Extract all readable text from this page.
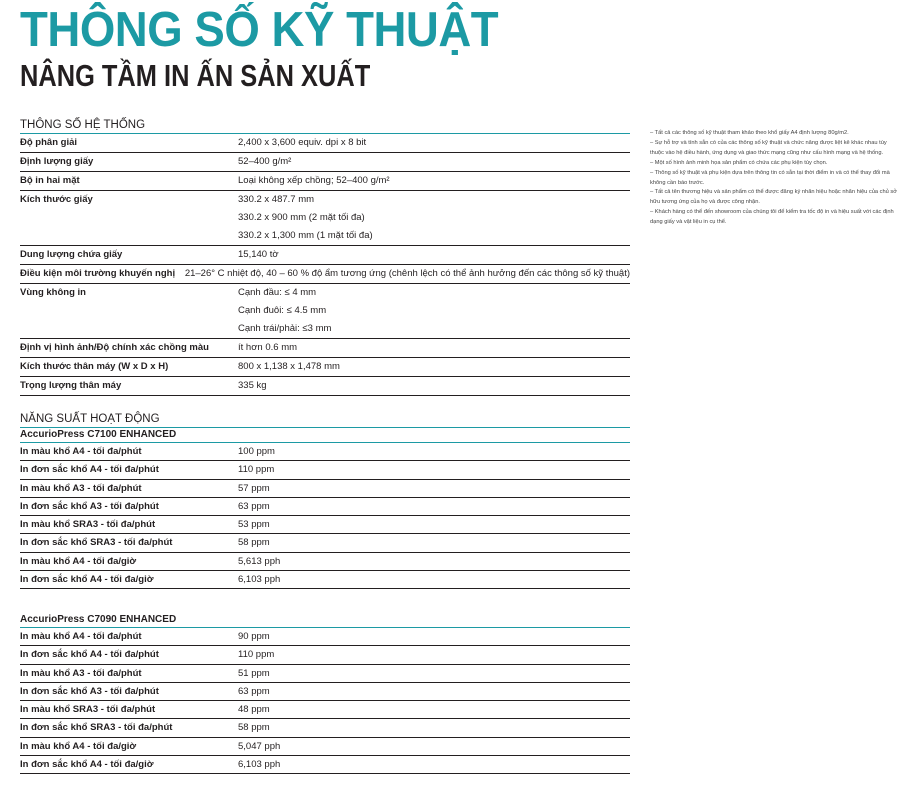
THÔNG SỐ KỸ THUẬT
NÂNG TẦM IN ẤN SẢN XUẤT
THÔNG SỐ HỆ THỐNG
Độ phân giải	2,400 x 3,600 equiv. dpi x 8 bit
Định lượng giấy	52–400 g/m²
Bộ in hai mặt	Loại không xếp chồng; 52–400 g/m²
Kích thước giấy	330.2 x 487.7 mm
330.2 x 900 mm (2 mặt tối đa)
330.2 x 1,300 mm (1 mặt tối đa)
Dung lượng chứa giấy	15,140 tờ
Điều kiện môi trường khuyến nghị	21–26° C nhiệt độ, 40 – 60 % độ ẩm tương ứng (chênh lệch có thể ảnh hưởng đến các thông số kỹ thuật)
Vùng không in	Cạnh đầu: ≤ 4 mm
Cạnh đuôi: ≤ 4.5 mm
Cạnh trái/phải: ≤3 mm
Định vị hình ảnh/Độ chính xác chồng màu	ít hơn 0.6 mm
Kích thước thân máy (W x D x H)	800 x 1,138 x 1,478 mm
Trọng lượng thân máy	335 kg
NĂNG SUẤT HOẠT ĐỘNG
AccurioPress C7100 ENHANCED
In màu khổ A4 - tối đa/phút	100 ppm
In đơn sắc khổ A4 - tối đa/phút	110 ppm
In màu khổ A3 - tối đa/phút	57 ppm
In đơn sắc khổ A3 - tối đa/phút	63 ppm
In màu khổ SRA3 - tối đa/phút	53 ppm
In đơn sắc khổ SRA3 - tối đa/phút	58 ppm
In màu khổ A4 - tối đa/giờ	5,613 pph
In đơn sắc khổ A4 - tối đa/giờ	6,103 pph
AccurioPress C7090 ENHANCED
In màu khổ A4 - tối đa/phút	90 ppm
In đơn sắc khổ A4 - tối đa/phút	110 ppm
In màu khổ A3 - tối đa/phút	51 ppm
In đơn sắc khổ A3 - tối đa/phút	63 ppm
In màu khổ SRA3 - tối đa/phút	48 ppm
In đơn sắc khổ SRA3 - tối đa/phút	58 ppm
In màu khổ A4 - tối đa/giờ	5,047 pph
In đơn sắc khổ A4 - tối đa/giờ	6,103 pph

– Tất cả các thông số kỹ thuật tham khảo theo khổ giấy A4 định lượng 80g/m2.

– Sự hỗ trợ và tính sẵn có của các thông số kỹ thuật và chức năng được liệt kê khác nhau tùy thuộc vào hệ điều hành, ứng dụng và giao thức mạng cũng như cấu hình mạng và hệ thống.

– Một số hình ảnh minh họa sản phẩm có chứa các phụ kiện tùy chọn.

– Thông số kỹ thuật và phụ kiện dựa trên thông tin có sẵn tại thời điểm in và có thể thay đổi mà không cần báo trước.

– Tất cả tên thương hiệu và sản phẩm có thể được đăng ký nhãn hiệu hoặc nhãn hiệu của chủ sở hữu tương ứng của họ và được công nhận.

– Khách hàng có thể đến showroom của chúng tôi để kiểm tra tốc độ in và hiệu suất với các định dạng giấy và vật liệu in cụ thể.
